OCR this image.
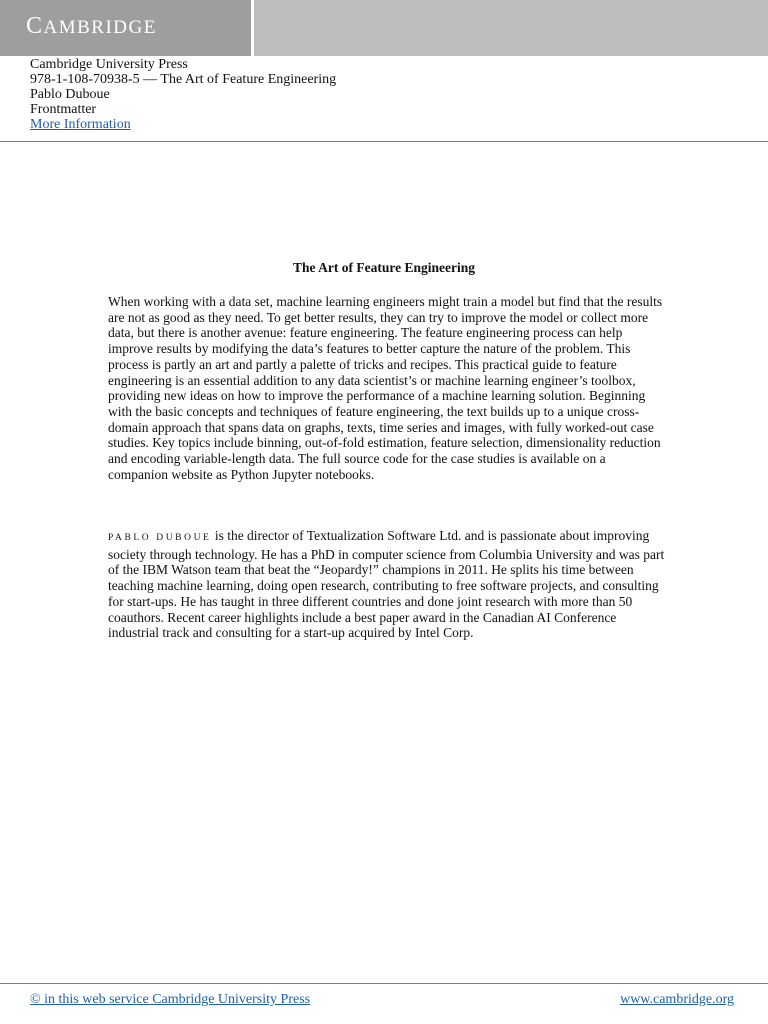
CAMBRIDGE
Cambridge University Press
978-1-108-70938-5 — The Art of Feature Engineering
Pablo Duboue
Frontmatter
More Information
The Art of Feature Engineering
When working with a data set, machine learning engineers might train a model but find that the results are not as good as they need. To get better results, they can try to improve the model or collect more data, but there is another avenue: feature engineering. The feature engineering process can help improve results by modifying the data’s features to better capture the nature of the problem. This process is partly an art and partly a palette of tricks and recipes. This practical guide to feature engineering is an essential addition to any data scientist’s or machine learning engineer’s toolbox, providing new ideas on how to improve the performance of a machine learning solution. Beginning with the basic concepts and techniques of feature engineering, the text builds up to a unique cross-domain approach that spans data on graphs, texts, time series and images, with fully worked-out case studies. Key topics include binning, out-of-fold estimation, feature selection, dimensionality reduction and encoding variable-length data. The full source code for the case studies is available on a companion website as Python Jupyter notebooks.
PABLO DUBOUE is the director of Textualization Software Ltd. and is passionate about improving society through technology. He has a PhD in computer science from Columbia University and was part of the IBM Watson team that beat the “Jeopardy!” champions in 2011. He splits his time between teaching machine learning, doing open research, contributing to free software projects, and consulting for start-ups. He has taught in three different countries and done joint research with more than 50 coauthors. Recent career highlights include a best paper award in the Canadian AI Conference industrial track and consulting for a start-up acquired by Intel Corp.
© in this web service Cambridge University Press	www.cambridge.org
